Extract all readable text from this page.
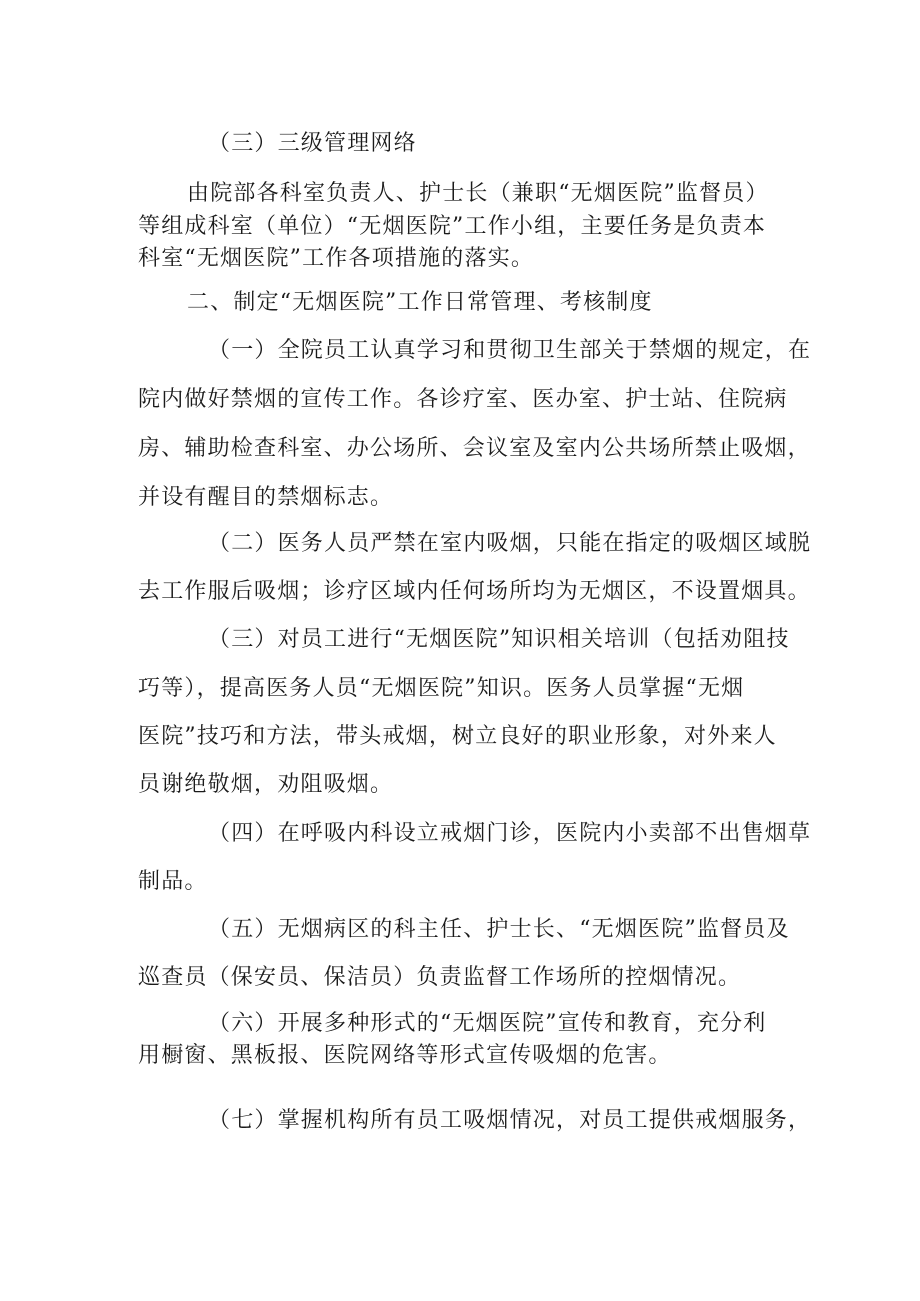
（三）三级管理网络

由院部各科室负责人、护士长（兼职“无烟医院”监督员）

等组成科室（单位）“无烟医院”工作小组，主要任务是负责本

科室“无烟医院”工作各项措施的落实。

二、制定“无烟医院”工作日常管理、考核制度

（一）全院员工认真学习和贯彻卫生部关于禁烟的规定，在

院内做好禁烟的宣传工作。各诊疗室、医办室、护士站、住院病

房、辅助检查科室、办公场所、会议室及室内公共场所禁止吸烟，

并设有醒目的禁烟标志。

（二）医务人员严禁在室内吸烟，只能在指定的吸烟区域脱

去工作服后吸烟；诊疗区域内任何场所均为无烟区，不设置烟具。

（三）对员工进行“无烟医院”知识相关培训（包括劝阻技

巧等），提高医务人员“无烟医院”知识。医务人员掌握“无烟

医院”技巧和方法，带头戒烟，树立良好的职业形象，对外来人

员谢绝敬烟，劝阻吸烟。

（四）在呼吸内科设立戒烟门诊，医院内小卖部不出售烟草

制品。

（五）无烟病区的科主任、护士长、“无烟医院”监督员及

巡查员（保安员、保洁员）负责监督工作场所的控烟情况。

（六）开展多种形式的“无烟医院”宣传和教育，充分利

用橱窗、黑板报、医院网络等形式宣传吸烟的危害。

（七）掌握机构所有员工吸烟情况，对员工提供戒烟服务，
